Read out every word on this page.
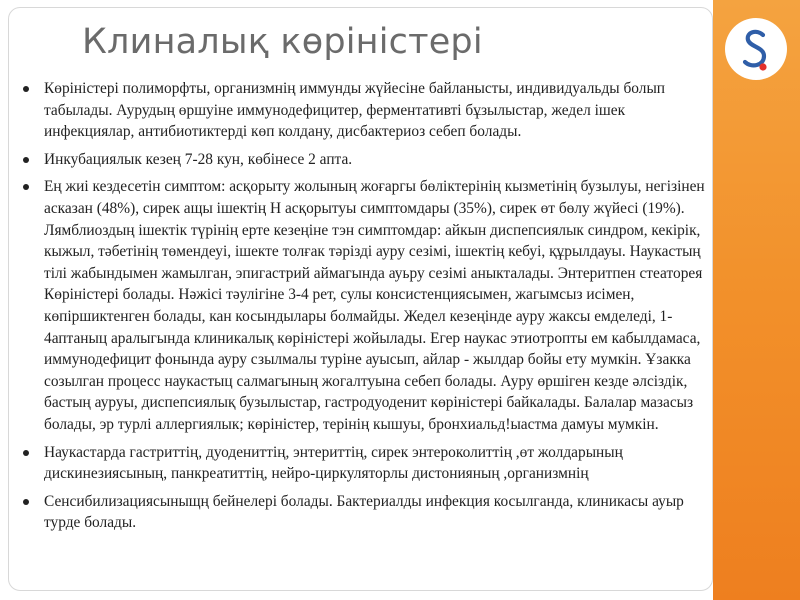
Клиналық көріністері
Көріністері полиморфты, организмнің иммунды жүйесіне байланысты, индивидуальды болып табылады. Аурудың өршуіне иммунодефицитер, ферментативті бұзылыстар, жедел ішек инфекциялар, антибиотиктерді көп колдану, дисбактериоз себеп болады.
Инкубациялык кезең 7-28 кун, көбінесе 2 апта.
Ең жиі кездесетін симптом: асқорыту жолының жоғаргы бөліктерінің кызметінің бузылуы, негізінен асказан (48%), сирек ащы ішектің Н асқорытуы симптомдары (35%), сирек өт бөлу жүйесі (19%). Лямблиоздың ішектік түрінің ерте кезеңіне тэн симптомдар: айкын диспепсиялык синдром, кекірік, кыжыл, тәбетінің төмендеуі, ішекте толғак тәрізді ауру сезімі, ішектің кебуі, құрылдауы. Наукастың тілі жабындымен жамылган, эпигастрий аймагында ауьру сезімі аныкталады. Энтеритпен стеаторея Көріністері болады. Нәжісі тәулігіне 3-4 рет, сулы консистенциясымен, жагымсыз исімен, көпіршиктенген болады, кан косындылары болмайды. Жедел кезеңінде ауру жаксы емделеді, 1-4аптаныц аралыгында клиникалық көріністері жойылады. Егер наукас этиотропты ем кабылдамаса, иммунодефицит фонында ауру сзылмалы туріне ауысып, айлар - жылдар бойы ету мумкін. Ұзакка созылган процесс наукастыц салмагының жогалтуына себеп болады. Ауру өршіген кезде әлсіздік, бастың ауруы, диспепсиялық бузылыстар, гастродуоденит көріністері байкалады. Балалар мазасыз болады, эр турлі аллергиялык; көріністер, терінің кышуы, бронхиальд!ыастма дамуы мумкін.
Наукастарда гастриттің, дуодениттің, энтериттің, сирек энтероколиттің ,өт жолдарының дискинезиясының, панкреатиттің, нейро-циркуляторлы дистонияның ,организмнің
Сенсибилизациясыныщң бейнелері болады. Бактериалды инфекция косылганда, клиникасы ауыр турде болады.
